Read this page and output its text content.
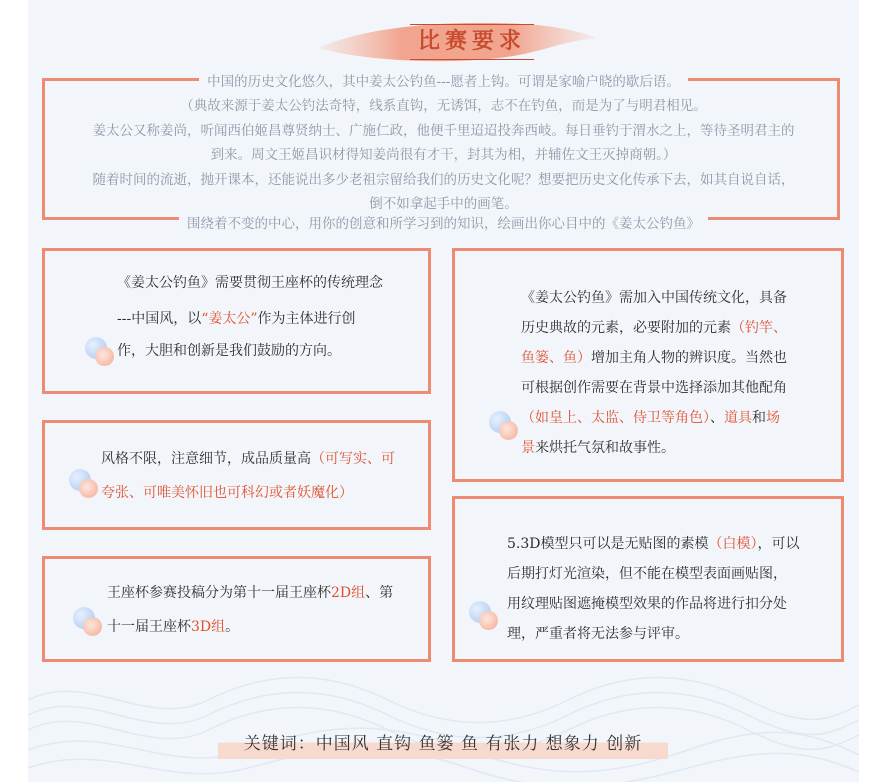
比赛要求
中国的历史文化悠久，其中姜太公钓鱼---愿者上钩。可谓是家喻户晓的歇后语。
（典故来源于姜太公钓法奇特，线系直钩，无诱饵，志不在钓鱼，而是为了与明君相见。
姜太公又称姜尚，听闻西伯姬昌尊贤纳士、广施仁政，他便千里迢迢投奔西岐。每日垂钓于渭水之上，等待圣明君主的
到来。周文王姬昌识材得知姜尚很有才干，封其为相，并辅佐文王灭掉商朝。）
随着时间的流逝，抛开课本，还能说出多少老祖宗留给我们的历史文化呢？想要把历史文化传承下去，如其自说自话，
倒不如拿起手中的画笔。
围绕着不变的中心，用你的创意和所学习到的知识，绘画出你心目中的《姜太公钓鱼》
《姜太公钓鱼》需要贯彻王座杯的传统理念
---中国风，以“姜太公”作为主体进行创
作，大胆和创新是我们鼓励的方向。
风格不限，注意细节，成品质量高（可写实、可
夸张、可唯美怀旧也可科幻或者妖魔化）
王座杯参赛投稿分为第十一届王座杯2D组、第
十一届王座杯3D组。
《姜太公钓鱼》需加入中国传统文化，具备
历史典故的元素，必要附加的元素（钓竿、
鱼篓、鱼）增加主角人物的辨识度。当然也
可根据创作需要在背景中选择添加其他配角
（如皇上、太监、侍卫等角色）、道具和场
景来烘托气氛和故事性。
5.3D模型只可以是无贴图的素模（白模），可以
后期打灯光渲染，但不能在模型表面画贴图，
用纹理贴图遮掩模型效果的作品将进行扣分处
理，严重者将无法参与评审。
关键词：中国风 直钩 鱼篓 鱼 有张力 想象力 创新
